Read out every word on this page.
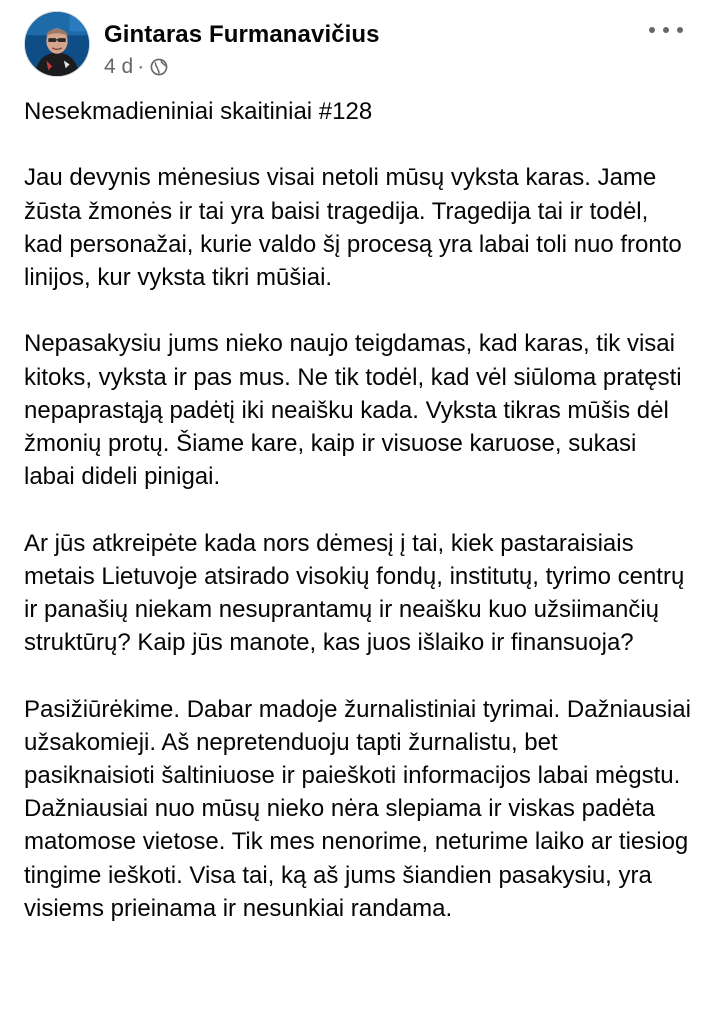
Gintaras Furmanavičius
4 d ·

Nesekmadieniniai skaitiniai #128

Jau devynis mėnesius visai netoli mūsų vyksta karas. Jame žūsta žmonės ir tai yra baisi tragedija. Tragedija tai ir todėl, kad personažai, kurie valdo šį procesą yra labai toli nuo fronto linijos, kur vyksta tikri mūšiai.

Nepasakysiu jums nieko naujo teigdamas, kad karas, tik visai kitoks, vyksta ir pas mus. Ne tik todėl, kad vėl siūloma pratęsti nepaprastąją padėtį iki neaišku kada. Vyksta tikras mūšis dėl žmonių protų. Šiame kare, kaip ir visuose karuose, sukasi labai dideli pinigai.

Ar jūs atkreipėte kada nors dėmesį į tai, kiek pastaraisiais metais Lietuvoje atsirado visokių fondų, institutų, tyrimo centrų ir panašių niekam nesuprantamų ir neaišku kuo užsiimančių struktūrų? Kaip jūs manote, kas juos išlaiko ir finansuoja?

Pasižiūrėkime. Dabar madoje žurnalistiniai tyrimai. Dažniausiai užsakomieji. Aš nepretenduoju tapti žurnalistu, bet pasiknaisioti šaltiniuose ir paieškoti informacijos labai mėgstu. Dažniausiai nuo mūsų nieko nėra slepiama ir viskas padėta matomose vietose. Tik mes nenorime, neturime laiko ar tiesiog tingime ieškoti. Visa tai, ką aš jums šiandien pasakysiu, yra visiems prieinama ir nesunkiai randama.
